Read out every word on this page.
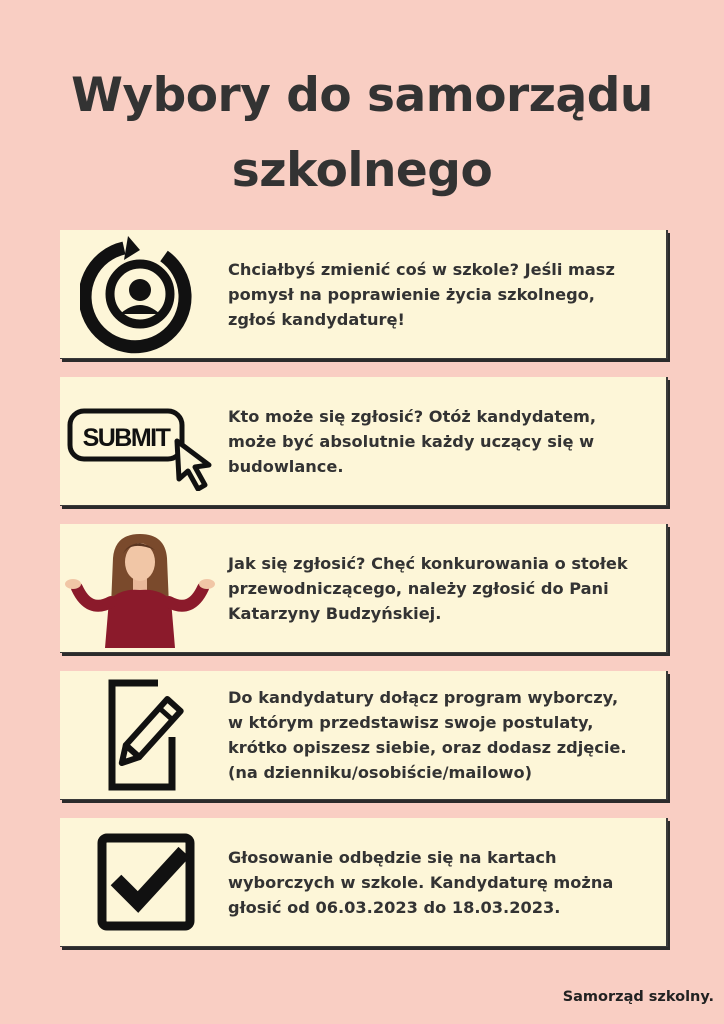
Wybory do samorządu
szkolnego
Chciałbyś zmienić coś w szkole? Jeśli masz
pomysł na poprawienie życia szkolnego,
zgłoś kandydaturę!
SUBMIT
Kto może się zgłosić? Otóż kandydatem,
może być absolutnie każdy uczący się w
budowlance.
Jak się zgłosić? Chęć konkurowania o stołek
przewodniczącego, należy zgłosić do Pani
Katarzyny Budzyńskiej.
Do kandydatury dołącz program wyborczy,
w którym przedstawisz swoje postulaty,
krótko opiszesz siebie, oraz dodasz zdjęcie.
(na dzienniku/osobiście/mailowo)
Głosowanie odbędzie się na kartach
wyborczych w szkole. Kandydaturę można
głosić od 06.03.2023 do 18.03.2023.
Samorząd szkolny.
